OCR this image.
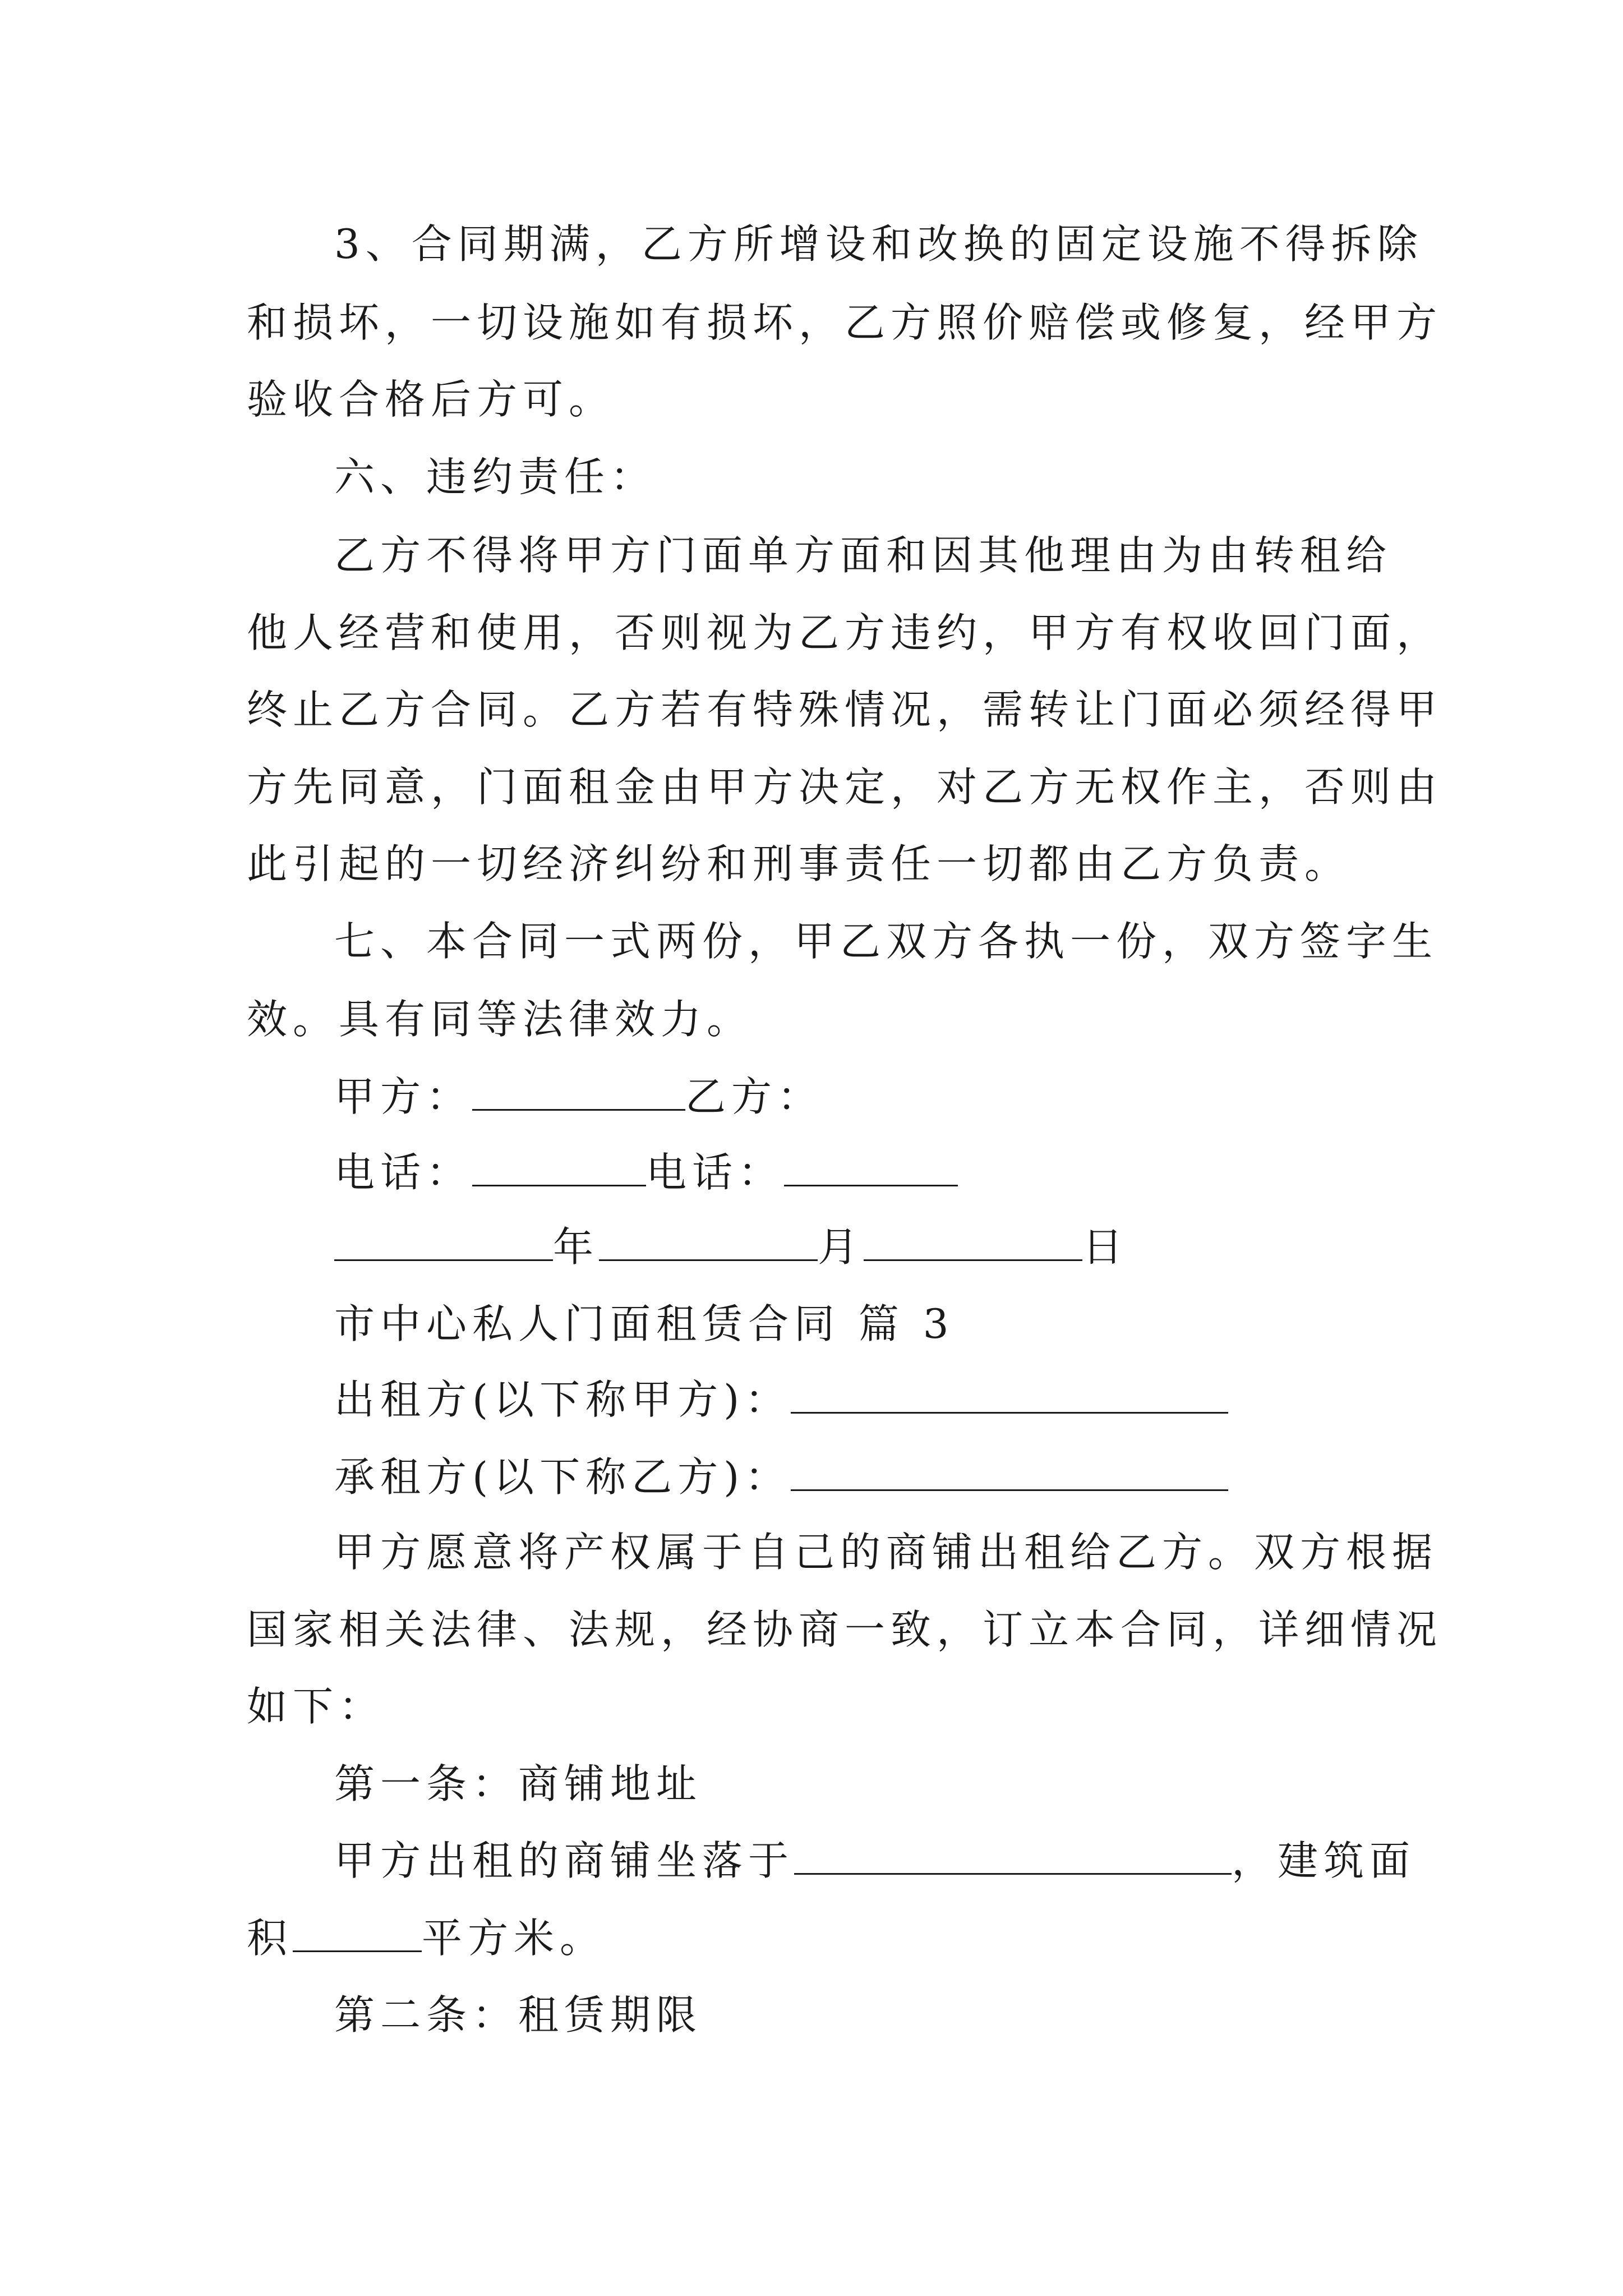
3、合同期满，乙方所增设和改换的固定设施不得拆除
和损坏，一切设施如有损坏，乙方照价赔偿或修复，经甲方
验收合格后方可。
六、违约责任：
乙方不得将甲方门面单方面和因其他理由为由转租给
他人经营和使用，否则视为乙方违约，甲方有权收回门面，
终止乙方合同。乙方若有特殊情况，需转让门面必须经得甲
方先同意，门面租金由甲方决定，对乙方无权作主，否则由
此引起的一切经济纠纷和刑事责任一切都由乙方负责。
七、本合同一式两份，甲乙双方各执一份，双方签字生
效。具有同等法律效力。
甲方：	乙方：
电话：	电话：
年	月	日
市中心私人门面租赁合同 篇 3
出租方(以下称甲方)：
承租方(以下称乙方)：
甲方愿意将产权属于自己的商铺出租给乙方。双方根据
国家相关法律、法规，经协商一致，订立本合同，详细情况
如下：
第一条：商铺地址
甲方出租的商铺坐落于	，建筑面
积	平方米。
第二条：租赁期限
